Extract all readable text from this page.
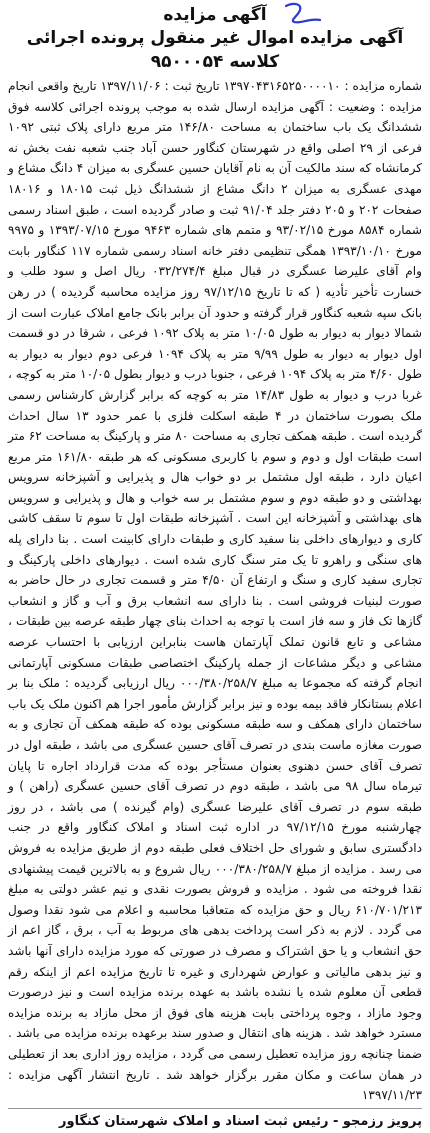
آگهی مزایده
آگهی مزایده اموال غیر منقول پرونده اجرائی کلاسه ۹۵۰۰۰۵۴

شماره مزایده : ۱۳۹۷۰۴۳۱۶۵۲۵۰۰۰۰۱۰ تاریخ ثبت : ۱۳۹۷/۱۱/۰۶ تاریخ واقعی انجام مزایده : وضعیت : آگهی مزایده ارسال شده به موجب پرونده اجرائی کلاسه فوق ششدانگ یک باب ساختمان به مساحت ۱۴۶/۸۰ متر مربع دارای پلاک ثبتی ۱۰۹۲ فرعی از ۲۹ اصلی واقع در شهرستان کنگاور حسن آباد جنب شعبه نفت بخش نه کرمانشاه که سند مالکیت آن به نام آقایان حسین عسگری به میزان ۴ دانگ مشاع و مهدی عسگری به میزان ۲ دانگ مشاع از ششدانگ ذیل ثبت ۱۸۰۱۵ و ۱۸۰۱۶ صفحات ۲۰۲ و ۲۰۵ دفتر جلد ۹۱/۰۴ ثبت و صادر گردیده است ، طبق اسناد رسمی شماره ۸۵۸۴ مورخ ۹۳/۰۲/۱۵ و متمم های شماره ۹۴۶۳ مورخ ۱۳۹۳/۰۷/۱۵ و ۹۹۷۵ مورخ ۱۳۹۳/۱۰/۱۰ همگی تنظیمی دفتر خانه اسناد رسمی شماره ۱۱۷ کنگاور بابت وام آقای علیرضا عسگری در قبال مبلغ ۰۳۲/۲۷۴/۴ ریال اصل و سود طلب و خسارت تأخیر تأدیه ( که تا تاریخ ۹۷/۱۲/۱۵ روز مزایده محاسبه گردیده ) در رهن بانک سپه شعبه کنگاور قرار گرفته و حدود آن برابر بانک جامع املاک عبارت است از شمالا دیوار به دیوار به طول ۱۰/۰۵ متر به پلاک ۱۰۹۲ فرعی ، شرقا در دو قسمت اول دیوار به دیوار به طول ۹/۹۹ متر به پلاک ۱۰۹۴ فرعی دوم دیوار به دیوار به طول ۴/۶۰ متر به پلاک ۱۰۹۴ فرعی ، جنوبا درب و دیوار بطول ۱۰/۰۵ متر به کوچه ، غربا درب و دیوار به طول ۱۴/۸۳ متر به کوچه که برابر گزارش کارشناس رسمی ملک بصورت ساختمان در ۴ طبقه اسکلت فلزی با عمر حدود ۱۳ سال احداث گردیده است . طبقه همکف تجاری به مساحت ۸۰ متر و پارکینگ به مساحت ۶۲ متر است طبقات اول و دوم و سوم با کاربری مسکونی که هر طبقه ۱۶۱/۸۰ متر مربع اعیان دارد ، طبقه اول مشتمل بر دو خواب هال و پذیرایی و آشپزخانه سرویس بهداشتی و دو طبقه دوم و سوم مشتمل بر سه خواب و هال و پذیرایی و سرویس های بهداشتی و آشپزخانه این است . آشپزخانه طبقات اول تا سوم تا سقف کاشی کاری و دیوارهای داخلی بنا سفید کاری و طبقات دارای کابینت است . بنا دارای پله های سنگی و راهرو تا یک متر سنگ کاری شده است . دیوارهای داخلی پارکینگ و تجاری سفید کاری و سنگ و ارتفاع آن ۴/۵۰ متر و قسمت تجاری در حال حاضر به صورت لبنیات فروشی است . بنا دارای سه انشعاب برق و آب و گاز و انشعاب گازها تک فاز و سه فاز است با توجه به احداث بنای چهار طبقه عرصه بین طبقات ، مشاعی و تابع قانون تملک آپارتمان هاست بنابراین ارزیابی با احتساب عرصه مشاعی و دیگر مشاعات از جمله پارکینگ اختصاصی طبقات مسکونی آپارتمانی انجام گرفته که مجموعا به مبلغ ۰۰۰/۳۸۰/۲۵۸/۷ ریال ارزیابی گردیده : ملک بنا بر اعلام بستانکار فاقد بیمه بوده و نیز برابر گزارش مأمور اجرا هم اکنون ملک یک باب ساختمان دارای همکف و سه طبقه مسکونی بوده که طبقه همکف آن تجاری و به صورت مغازه ماست بندی در تصرف آقای حسین عسگری می باشد ، طبقه اول در تصرف آقای حسن دهنوی بعنوان مستأجر بوده که مدت قرارداد اجاره تا پایان تیرماه سال ۹۸ می باشد ، طبقه دوم در تصرف آقای حسین عسگری (راهن ) و طبقه سوم در تصرف آقای علیرضا عسگری (وام گیرنده ) می باشد ، در روز چهارشنبه مورخ ۹۷/۱۲/۱۵ در اداره ثبت اسناد و املاک کنگاور واقع در جنب دادگستری سابق و شورای حل اختلاف فعلی طبقه دوم از طریق مزایده به فروش می رسد . مزایده از مبلغ ۰۰۰/۳۸۰/۲۵۸/۷ ریال شروع و به بالاترین قیمت پیشنهادی نقدا فروخته می شود . مزایده و فروش بصورت نقدی و نیم عشر دولتی به مبلغ ۶۱۰/۷۰۱/۲۱۳ ریال و حق مزایده که متعاقبا محاسبه و اعلام می شود نقدا وصول می گردد . لازم به ذکر است پرداخت بدهی های مربوط به آب ، برق ، گاز اعم از حق انشعاب و یا حق اشتراک و مصرف در صورتی که مورد مزایده دارای آنها باشد و نیز بدهی مالیاتی و عوارض شهرداری و غیره تا تاریخ مزایده اعم از اینکه رقم قطعی آن معلوم شده یا نشده باشد به عهده برنده مزایده است و نیز درصورت وجود مازاد ، وجوه پرداختی بابت هزینه های فوق از محل مازاد به برنده مزایده مسترد خواهد شد . هزینه های انتقال و صدور سند برعهده برنده مزایده می باشد . ضمنا چنانچه روز مزایده تعطیل رسمی می گردد ، مزایده روز اداری بعد از تعطیلی در همان ساعت و مکان مقرر برگزار خواهد شد . تاریخ انتشار آگهی مزایده : ۱۳۹۷/۱۱/۲۳

پرویز رزمجو - رئیس ثبت اسناد و املاک شهرستان کنگاور
